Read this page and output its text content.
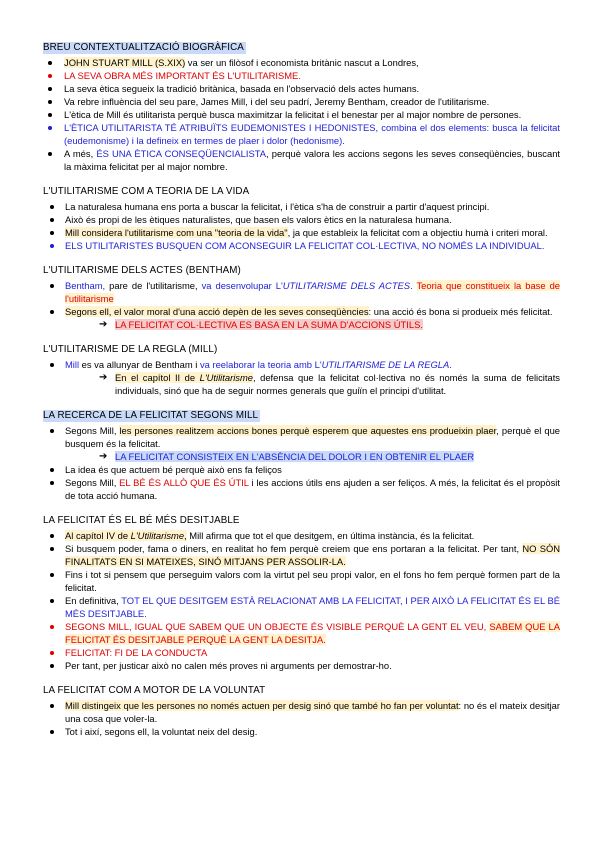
BREU CONTEXTUALITZACIÓ BIOGRÀFICA
JOHN STUART MILL (S.XIX) va ser un filòsof i economista britànic nascut a Londres,
LA SEVA OBRA MÉS IMPORTANT ÉS L'UTILITARISME.
La seva ètica segueix la tradició britànica, basada en l'observació dels actes humans.
Va rebre influència del seu pare, James Mill, i del seu padrí, Jeremy Bentham, creador de l'utilitarisme.
L'ètica de Mill és utilitarista perquè busca maximitzar la felicitat i el benestar per al major nombre de persones.
L'ÈTICA UTILITARISTA TÉ ATRIBUÏTS EUDEMONISTES I HEDONISTES, combina el dos elements: busca la felicitat (eudemonisme) i la defineix en termes de plaer i dolor (hedonisme).
A més, ÉS UNA ÈTICA CONSEQÜENCIALISTA, perquè valora les accions segons les seves conseqüències, buscant la màxima felicitat per al major nombre.
L'UTILITARISME COM A TEORIA DE LA VIDA
La naturalesa humana ens porta a buscar la felicitat, i l'ètica s'ha de construir a partir d'aquest principi.
Això és propi de les ètiques naturalistes, que basen els valors ètics en la naturalesa humana.
Mill considera l'utilitarisme com una "teoria de la vida", ja que estableix la felicitat com a objectiu humà i criteri moral.
ELS UTILITARISTES BUSQUEN COM ACONSEGUIR LA FELICITAT COL·LECTIVA, NO NOMÉS LA INDIVIDUAL.
L'UTILITARISME DELS ACTES (BENTHAM)
Bentham, pare de l'utilitarisme, va desenvolupar L'UTILITARISME DELS ACTES. Teoria que constitueix la base de l'utilitarisme
Segons ell, el valor moral d'una acció depèn de les seves conseqüències: una acció és bona si produeix més felicitat.
➔ LA FELICITAT COL·LECTIVA ES BASA EN LA SUMA D'ACCIONS ÚTILS.
L'UTILITARISME DE LA REGLA (MILL)
Mill es va allunyar de Bentham i va reelaborar la teoria amb L'UTILITARISME DE LA REGLA.
➔ En el capítol II de L'Utilitarisme, defensa que la felicitat col·lectiva no és només la suma de felicitats individuals, sinó que ha de seguir normes generals que guiïn el principi d'utilitat.
LA RECERCA DE LA FELICITAT SEGONS MILL
Segons Mill, les persones realitzem accions bones perquè esperem que aquestes ens produeixin plaer, perquè el que busquem és la felicitat.
➔ LA FELICITAT CONSISTEIX EN L'ABSÈNCIA DEL DOLOR I EN OBTENIR EL PLAER
La idea és que actuem bé perquè això ens fa feliços
Segons Mill, EL BÉ ÉS ALLÒ QUE ÉS ÚTIL i les accions útils ens ajuden a ser feliços. A més, la felicitat és el propòsit de tota acció humana.
LA FELICITAT ÉS EL BÉ MÉS DESITJABLE
Al capítol IV de L'Utilitarisme, Mill afirma que tot el que desitgem, en última instància, és la felicitat.
Si busquem poder, fama o diners, en realitat ho fem perquè creiem que ens portaran a la felicitat. Per tant, NO SÓN FINALITATS EN SI MATEIXES, SINÓ MITJANS PER ASSOLIR-LA.
Fins i tot si pensem que perseguim valors com la virtut pel seu propi valor, en el fons ho fem perquè formen part de la felicitat.
En definitiva, TOT EL QUE DESITGEM ESTÀ RELACIONAT AMB LA FELICITAT, I PER AIXÒ LA FELICITAT ÉS EL BÉ MÉS DESITJABLE.
SEGONS MILL, IGUAL QUE SABEM QUE UN OBJECTE ÉS VISIBLE PERQUÈ LA GENT EL VEU, SABEM QUE LA FELICITAT ÉS DESITJABLE PERQUÈ LA GENT LA DESITJA.
FELICITAT: FI DE LA CONDUCTA
Per tant, per justicar això no calen més proves ni arguments per demostrar-ho.
LA FELICITAT COM A MOTOR DE LA VOLUNTAT
Mill distingeix que les persones no només actuen per desig sinó que també ho fan per voluntat: no és el mateix desitjar una cosa que voler-la.
Tot i així, segons ell, la voluntat neix del desig.
